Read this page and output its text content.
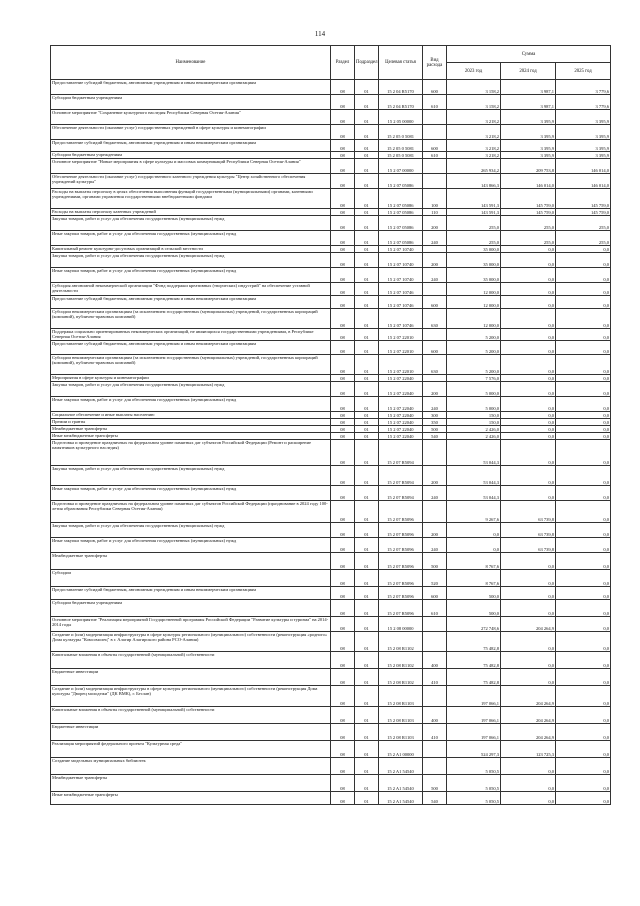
114
Наименование	Раздел	Подраздел	Целевая статья	Вид расхода	Сумма		
					2023 год	2024 год	2025 год
Предоставление субсидий бюджетным, автономным учреждениям и иным некоммерческим организациям	08	01	15 2 04 R5170	600	3 158,2	3 987,1	3 779,6
Субсидии бюджетным учреждениям	08	01	15 2 04 R5170	610	3 158,2	3 987,1	3 779,6
Основное мероприятие "Сохранение культурного наследия Республики Северная Осетия-Алания"	08	01	15 2 05 00000		3 218,2	3 395,9	3 395,9
Обеспечение деятельности (оказание услуг) государственных учреждений в сфере культуры и кинематографии	08	01	15 2 05 0 5081		3 218,2	3 395,9	3 395,9
Предоставление субсидий бюджетным, автономным учреждениям и иным некоммерческим организациям	08	01	15 2 05 0 5081	600	3 218,2	3 395,9	3 395,9
Субсидии бюджетным учреждениям	08	01	15 2 05 0 5081	610	3 218,2	3 395,9	3 395,9
Основное мероприятие "Новые мероприятия в сфере культуры и массовых коммуникаций Республики Северная Осетия-Алания"	08	01	15 2 07 00000		265 934,2	209 753,8	146 014,0
Обеспечение деятельности (оказание услуг) государственного казенного учреждения культуры "Центр хозяйственного обеспечения учреждений культуры"	08	01	15 2 07 05086		143 866,3	146 014,0	146 014,0
Расходы на выплаты персоналу в целях обеспечения выполнения функций государственными (муниципальными) органами, казенными учреждениями, органами управления государственными внебюджетными фондами	08	01	15 2 07 05086	100	143 591,3	145 759,0	145 759,0
Расходы на выплаты персоналу казенных учреждений	08	01	15 2 07 05086	110	143 591,3	145 759,0	145 759,0
Закупка товаров, работ и услуг для обеспечения государственных (муниципальных) нужд	08	01	15 2 07 05086	200	255,0	255,0	255,0
Иные закупки товаров, работ и услуг для обеспечения государственных (муниципальных) нужд	08	01	15 2 07 05086	240	255,0	255,0	255,0
Капитальный ремонт культурно-досуговых организаций в сельской местности	08	01	15 2 07 10740		35 000,0	0,0	0,0
Закупка товаров, работ и услуг для обеспечения государственных (муниципальных) нужд	08	01	15 2 07 10740	200	35 000,0	0,0	0,0
Иные закупки товаров, работ и услуг для обеспечения государственных (муниципальных) нужд	08	01	15 2 07 10740	240	35 000,0	0,0	0,0
Субсидия автономной некоммерческой организации "Фонд поддержки креативных (творческих) индустрий" на обеспечение уставной деятельности	08	01	15 2 07 10746		12 000,0	0,0	0,0
Предоставление субсидий бюджетным, автономным учреждениям и иным некоммерческим организациям	08	01	15 2 07 10746	600	12 000,0	0,0	0,0
Субсидии некоммерческим организациям (за исключением государственных (муниципальных) учреждений, государственных корпораций (компаний), публично-правовых компаний)	08	01	15 2 07 10746	630	12 000,0	0,0	0,0
Поддержка социально ориентированных некоммерческих организаций, не являющихся государственными учреждениями, в Республике Северная Осетия-Алания	08	01	15 2 07 22010		5 200,0	0,0	0,0
Предоставление субсидий бюджетным, автономным учреждениям и иным некоммерческим организациям	08	01	15 2 07 22010	600	5 200,0	0,0	0,0
Субсидии некоммерческим организациям (за исключением государственных (муниципальных) учреждений, государственных корпораций (компаний), публично-правовых компаний)	08	01	15 2 07 22010	630	5 200,0	0,0	0,0
Мероприятия в сфере культуры и кинематографии	08	01	15 2 07 22040		7 576,0	0,0	0,0
Закупка товаров, работ и услуг для обеспечения государственных (муниципальных) нужд	08	01	15 2 07 22040	200	5 000,0	0,0	0,0
Иные закупки товаров, работ и услуг для обеспечения государственных (муниципальных) нужд	08	01	15 2 07 22040	240	5 000,0	0,0	0,0
Социальное обеспечение и иные выплаты населению	08	01	15 2 07 22040	300	150,0	0,0	0,0
Премии и гранты	08	01	15 2 07 22040	350	150,0	0,0	0,0
Межбюджетные трансферты	08	01	15 2 07 22040	500	2 426,0	0,0	0,0
Иные межбюджетные трансферты	08	01	15 2 07 22040	540	2 426,0	0,0	0,0
Подготовка и проведение праздничных на федеральном уровне памятных дат субъектов Российской Федерации (Ремонт и расширение памятников культурного наследия)	08	01	15 2 07 R5094		53 044,3	0,0	0,0
Закупка товаров, работ и услуг для обеспечения государственных (муниципальных) нужд	08	01	15 2 07 R5094	200	53 044,3	0,0	0,0
Иные закупки товаров, работ и услуг для обеспечения государственных (муниципальных) нужд	08	01	15 2 07 R5094	240	53 044,3	0,0	0,0
Подготовка и проведение праздничных на федеральном уровне памятных дат субъектов Российской Федерации (празднование в 2024 году 100-летия образования Республики Северная Осетия-Алания)	08	01	15 2 07 R5096		9 267,6	63 739,8	0,0
Закупка товаров, работ и услуг для обеспечения государственных (муниципальных) нужд	08	01	15 2 07 R5096	200	0,0	63 739,8	0,0
Иные закупки товаров, работ и услуг для обеспечения государственных (муниципальных) нужд	08	01	15 2 07 R5096	240	0,0	63 739,8	0,0
Межбюджетные трансферты	08	01	15 2 07 R5096	500	8 767,6	0,0	0,0
Субсидии	08	01	15 2 07 R5096	520	8 767,6	0,0	0,0
Предоставление субсидий бюджетным, автономным учреждениям и иным некоммерческим организациям	08	01	15 2 07 R5096	600	500,0	0,0	0,0
Субсидии бюджетным учреждениям	08	01	15 2 07 R5096	610	500,0	0,0	0,0
Основное мероприятие "Реализация мероприятий Государственной программы Российской Федерации "Развитие культуры и туризма" на 2014-2014 годы	08	01	15 2 08 00000		272 748,6	204 264,9	0,0
Создание и (или) модернизация инфраструктуры в сфере культуры регионального (муниципального) собственности (реконструкция «родного» Дома культуры "Комсомолец" в г. Алагир Алагирского района РСО-Алания)	08	01	15 2 08 R1102		75 482,8	0,0	0,0
Капитальные вложения в объекты государственной (муниципальной) собственности	08	01	15 2 08 R1102	400	75 482,8	0,0	0,0
Бюджетные инвестиции	08	01	15 2 08 R1102	410	75 482,8	0,0	0,0
Создание и (или) модернизация инфраструктуры в сфере культуры регионального (муниципального) собственности (реконструкция Дома культуры "Дворец молодежи" (ДК ВМК), г. Беслан)	08	01	15 2 08 R1103		197 066,1	204 264,9	0,0
Капитальные вложения в объекты государственной (муниципальной) собственности	08	01	15 2 08 R1103	400	197 066,1	204 264,9	0,0
Бюджетные инвестиции	08	01	15 2 08 R1103	410	197 066,1	204 264,9	0,0
Реализация мероприятий федерального проекта "Культурная среда"	08	01	15 2 A1 00000		524 297,3	123 725,3	0,0
Создание модельных муниципальных библиотек	08	01	15 2 A1 54540		5 050,5	0,0	0,0
Межбюджетные трансферты	08	01	15 2 A1 54540	500	5 050,5	0,0	0,0
Иные межбюджетные трансферты	08	01	15 2 A1 54540	540	5 050,5	0,0	0,0
